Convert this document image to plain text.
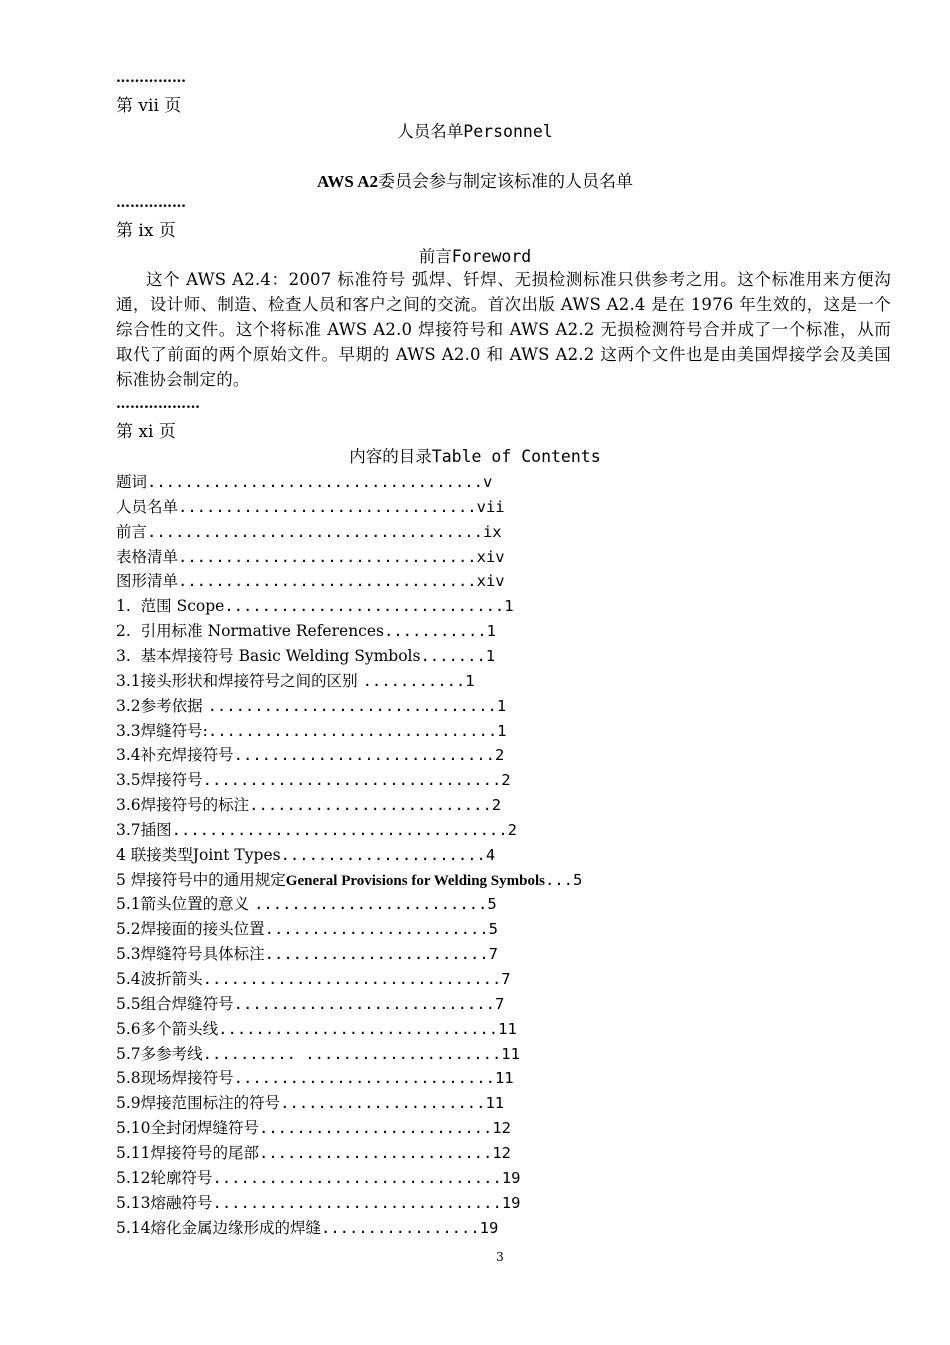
……………
第 vii 页
人员名单Personnel
AWS A2委员会参与制定该标准的人员名单
……………
第 ix 页
前言Foreword
这个 AWS A2.4：2007 标准符号 弧焊、钎焊、无损检测标准只供参考之用。这个标准用来方便沟通，设计师、制造、检查人员和客户之间的交流。首次出版 AWS A2.4 是在 1976 年生效的，这是一个综合性的文件。这个将标准 AWS A2.0 焊接符号和 AWS A2.2 无损检测符号合并成了一个标准，从而取代了前面的两个原始文件。早期的 AWS A2.0 和 AWS A2.2 这两个文件也是由美国焊接学会及美国标准协会制定的。
………………
第 xi 页
内容的目录Table of Contents
题词....................................v
人员名单................................vii
前言....................................ix
表格清单................................xiv
图形清单................................xiv
1.  范围 Scope..............................1
2.  引用标准 Normative References...........1
3.  基本焊接符号 Basic Welding Symbols.......1
3.1接头形状和焊接符号之间的区别 ...........1
3.2参考依据 ...............................1
3.3焊缝符号:...............................1
3.4补充焊接符号............................2
3.5焊接符号................................2
3.6焊接符号的标注..........................2
3.7插图....................................2
4 联接类型Joint Types......................4
5 焊接符号中的通用规定General Provisions for Welding Symbols...5
5.1箭头位置的意义 .........................5
5.2焊接面的接头位置........................5
5.3焊缝符号具体标注........................7
5.4波折箭头................................7
5.5组合焊缝符号............................7
5.6多个箭头线..............................11
5.7多参考线.......... .....................11
5.8现场焊接符号............................11
5.9焊接范围标注的符号......................11
5.10全封闭焊缝符号.........................12
5.11焊接符号的尾部.........................12
5.12轮廓符号...............................19
5.13熔融符号...............................19
5.14熔化金属边缘形成的焊缝.................19
3
